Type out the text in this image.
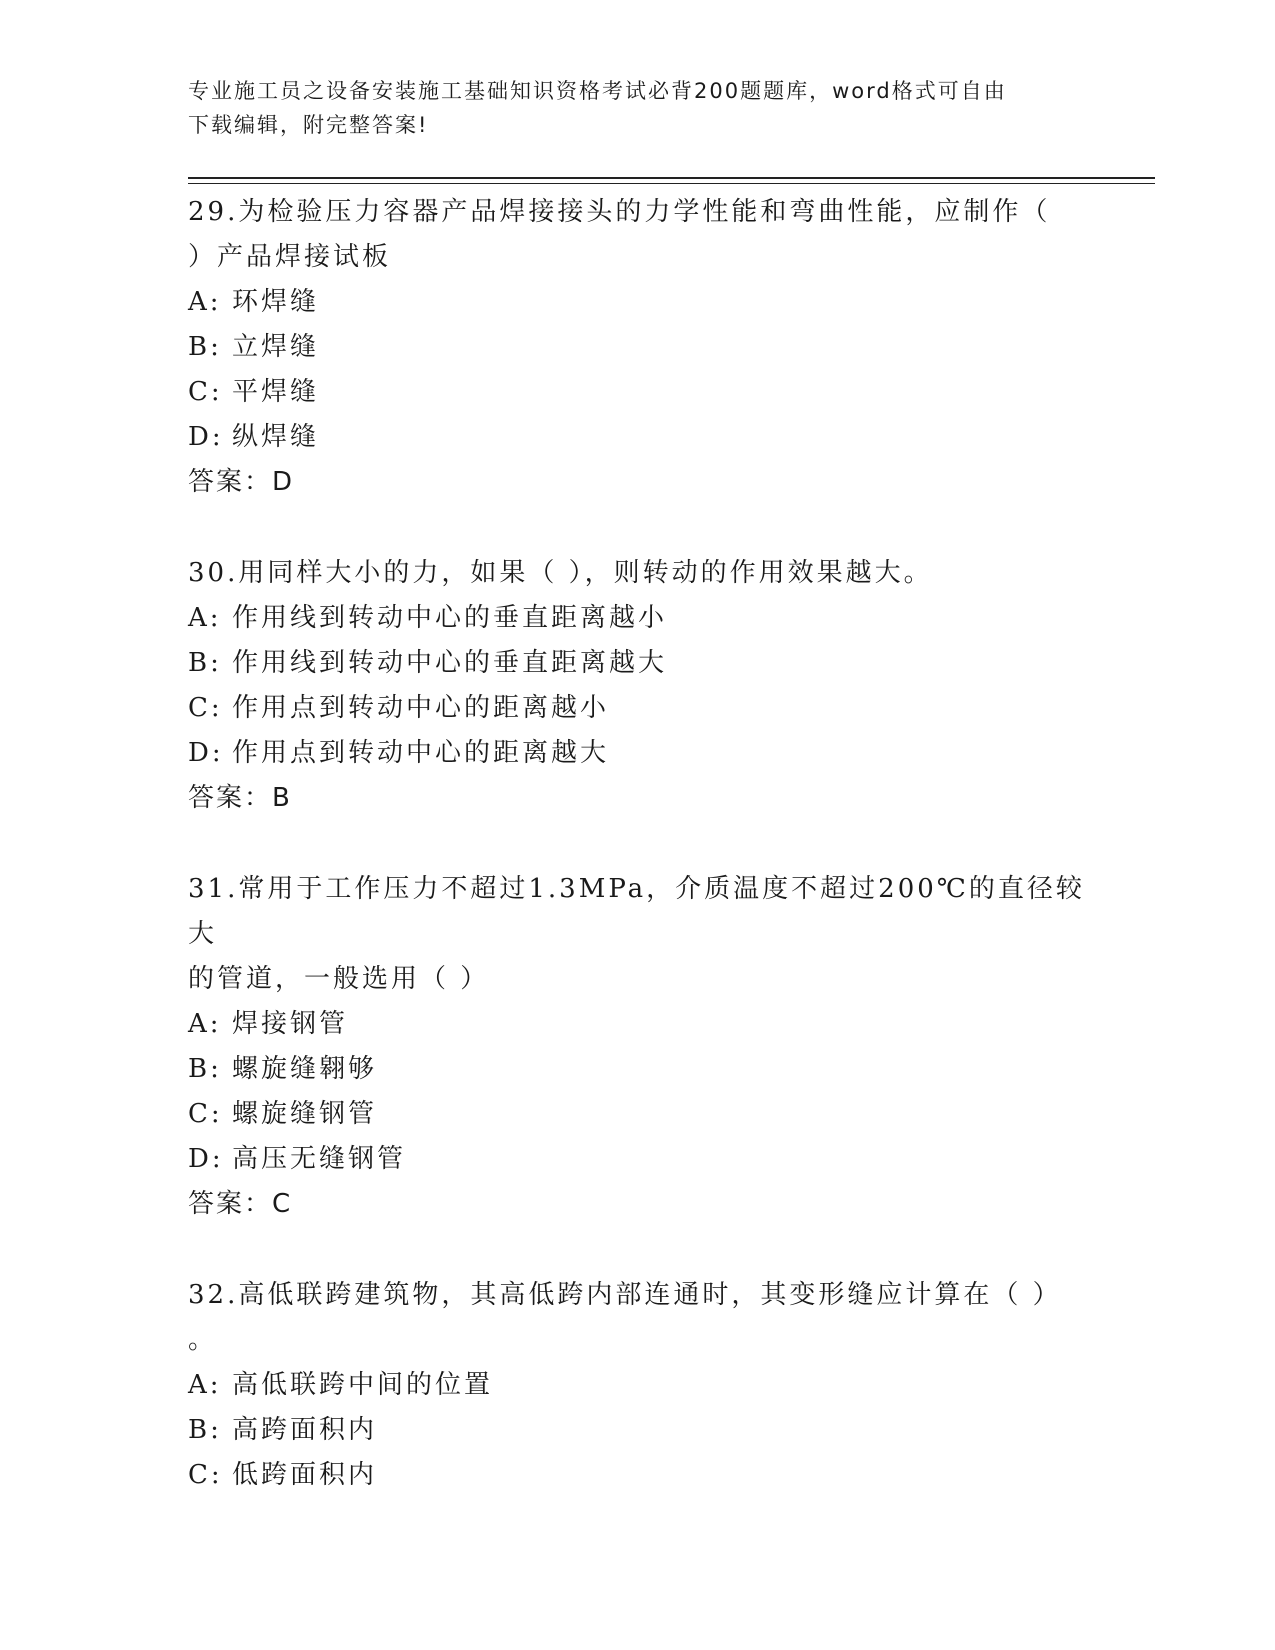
专业施工员之设备安装施工基础知识资格考试必背200题题库，word格式可自由
下载编辑，附完整答案!

29.为检验压力容器产品焊接接头的力学性能和弯曲性能，应制作（

）产品焊接试板

A: 环焊缝

B: 立焊缝

C: 平焊缝

D: 纵焊缝

答案：D

30.用同样大小的力，如果（ ），则转动的作用效果越大。

A: 作用线到转动中心的垂直距离越小

B: 作用线到转动中心的垂直距离越大

C: 作用点到转动中心的距离越小

D: 作用点到转动中心的距离越大

答案：B

31.常用于工作压力不超过1.3MPa，介质温度不超过200℃的直径较大

的管道，一般选用（ ）

A: 焊接钢管

B: 螺旋缝翱够

C: 螺旋缝钢管

D: 高压无缝钢管

答案：C

32.高低联跨建筑物，其高低跨内部连通时，其变形缝应计算在（ ）

。

A: 高低联跨中间的位置

B: 高跨面积内

C: 低跨面积内
